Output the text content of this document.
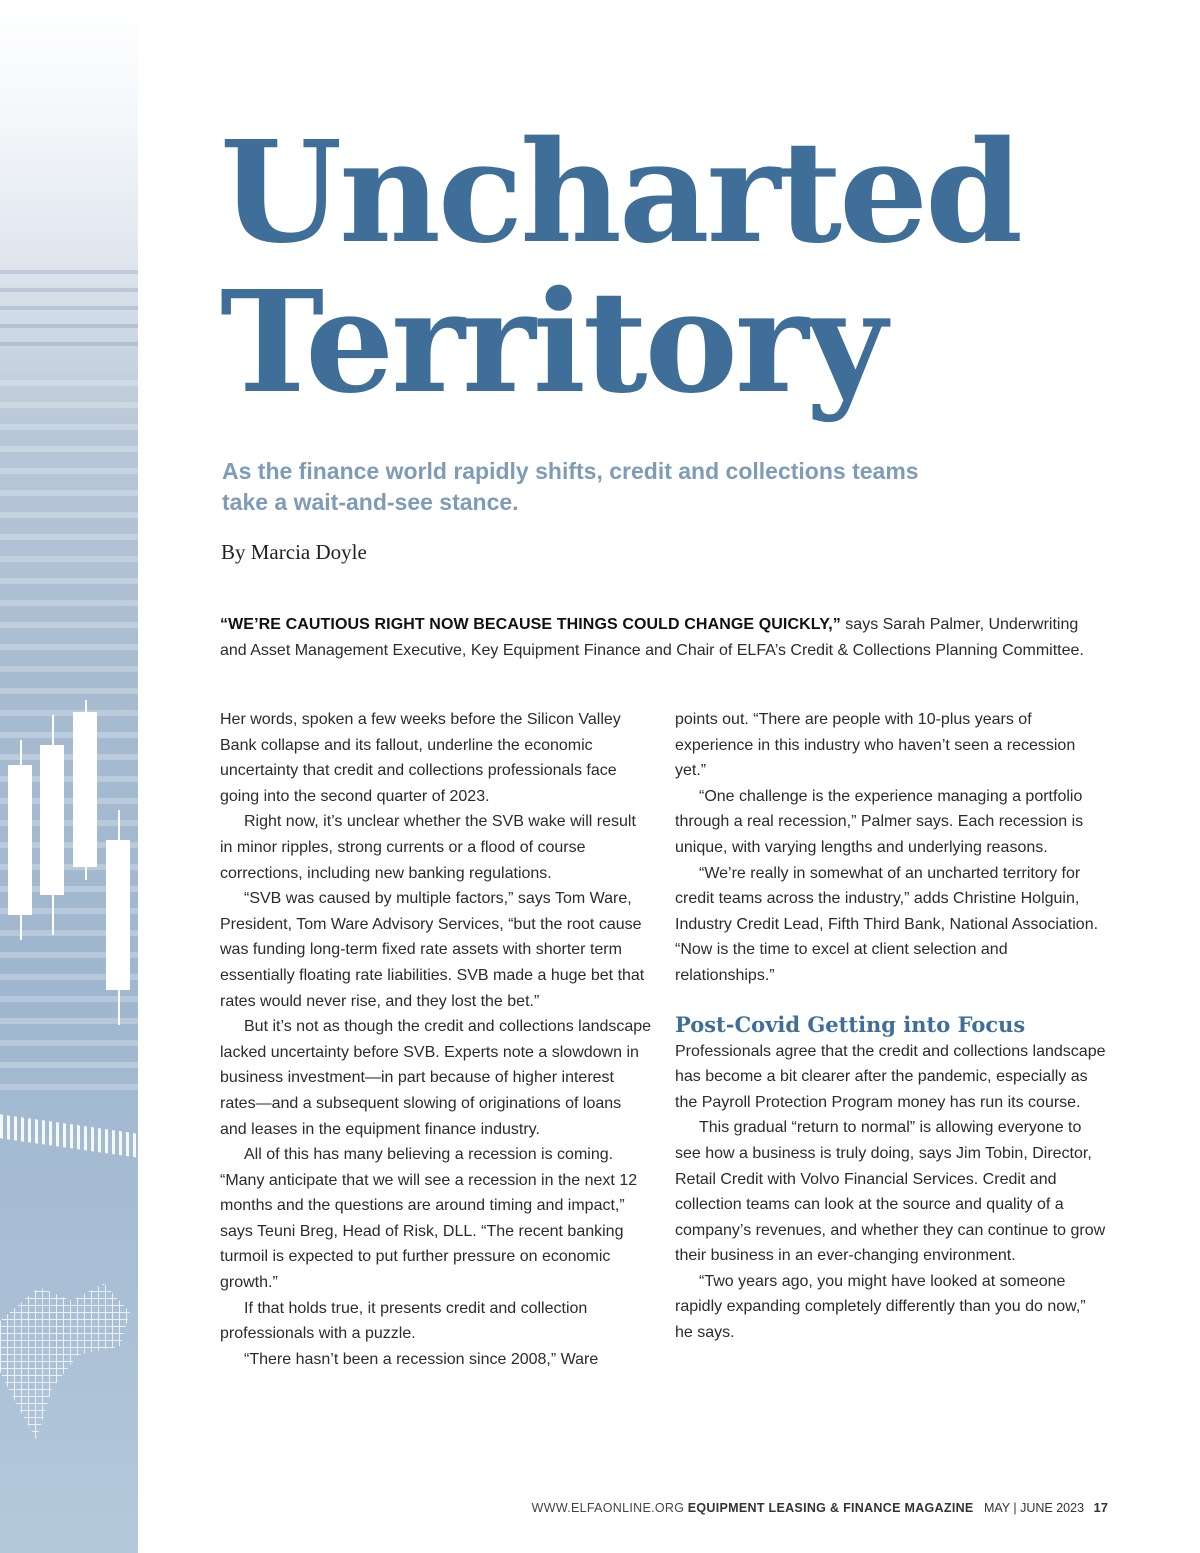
Uncharted
Territory

As the finance world rapidly shifts, credit and collections teams take a wait-and-see stance.

By Marcia Doyle

“WE’RE CAUTIOUS RIGHT NOW BECAUSE THINGS COULD CHANGE QUICKLY,” says Sarah Palmer, Underwriting and Asset Management Executive, Key Equipment Finance and Chair of ELFA’s Credit & Collections Planning Committee.

Her words, spoken a few weeks before the Silicon Valley Bank collapse and its fallout, underline the economic uncertainty that credit and collections professionals face going into the second quarter of 2023.

Right now, it’s unclear whether the SVB wake will result in minor ripples, strong currents or a flood of course corrections, including new banking regulations.

“SVB was caused by multiple factors,” says Tom Ware, President, Tom Ware Advisory Services, “but the root cause was funding long-term fixed rate assets with shorter term essentially floating rate liabilities. SVB made a huge bet that rates would never rise, and they lost the bet.”

But it’s not as though the credit and collections landscape lacked uncertainty before SVB. Experts note a slowdown in business investment—in part because of higher interest rates—and a subsequent slowing of originations of loans and leases in the equipment finance industry.

All of this has many believing a recession is coming. “Many anticipate that we will see a recession in the next 12 months and the questions are around timing and impact,” says Teuni Breg, Head of Risk, DLL. “The recent banking turmoil is expected to put further pressure on economic growth.”

If that holds true, it presents credit and collection professionals with a puzzle.

“There hasn’t been a recession since 2008,” Ware

points out. “There are people with 10-plus years of experience in this industry who haven’t seen a recession yet.”

“One challenge is the experience managing a portfolio through a real recession,” Palmer says. Each recession is unique, with varying lengths and underlying reasons.

“We’re really in somewhat of an uncharted territory for credit teams across the industry,” adds Christine Holguin, Industry Credit Lead, Fifth Third Bank, National Association. “Now is the time to excel at client selection and relationships.”

Post-Covid Getting into Focus

Professionals agree that the credit and collections landscape has become a bit clearer after the pandemic, especially as the Payroll Protection Program money has run its course.

This gradual “return to normal” is allowing everyone to see how a business is truly doing, says Jim Tobin, Director, Retail Credit with Volvo Financial Services. Credit and collection teams can look at the source and quality of a company’s revenues, and whether they can continue to grow their business in an ever-changing environment.

“Two years ago, you might have looked at someone rapidly expanding completely differently than you do now,” he says.

WWW.ELFAONLINE.ORG EQUIPMENT LEASING & FINANCE MAGAZINE MAY | JUNE 2023 17
